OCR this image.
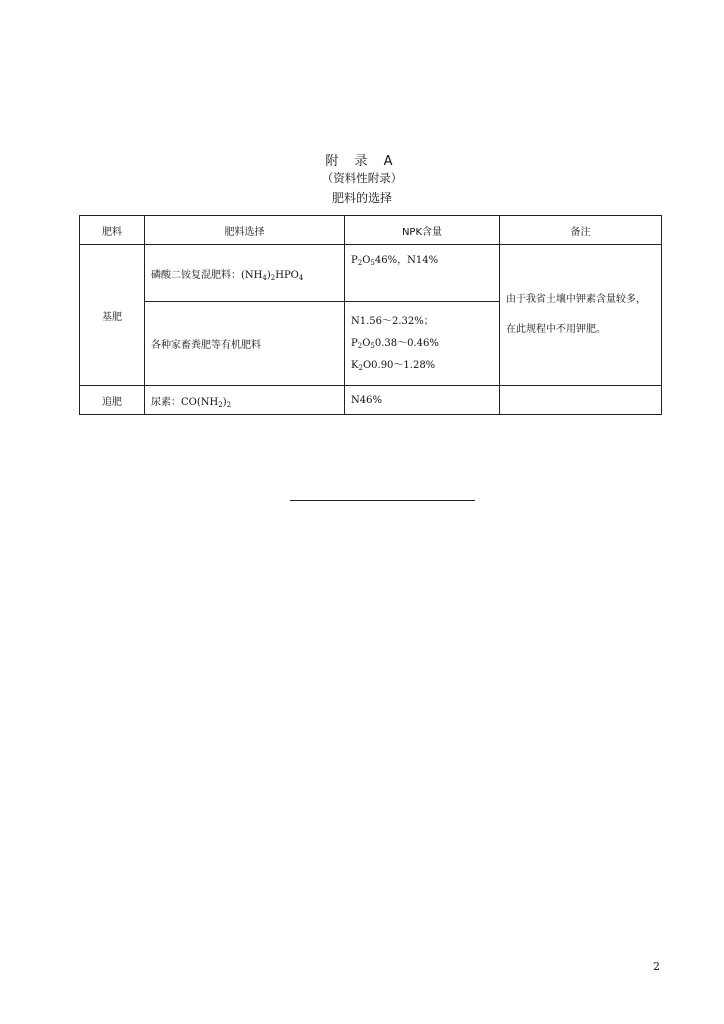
附 录 A
（资料性附录）
肥料的选择
肥料	肥料选择	NPK含量	备注
基肥	磷酸二铵复混肥料：$(NH_4)_2HPO_4$	$P_2O_546\%$，N14%	由于我省土壤中钾素含量较多，
在此规程中不用钾肥。

	各种家畜粪肥等有机肥料	N1.56～2.32%；
$P_2O_50.38\sim 0.46\%$
$K_2O0.90\sim 1.28\%$	

追肥	尿素：$CO(NH_2)_2$	N46%	
2
